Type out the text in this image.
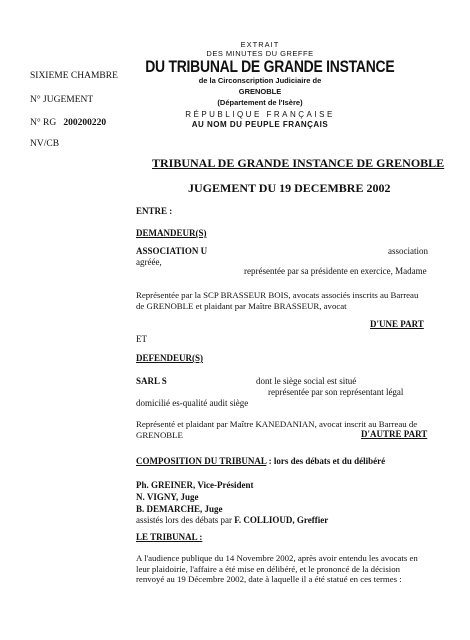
SIXIEME CHAMBRE
N° JUGEMENT
N° RG 200200220
NV/CB
EXTRAIT
DES MINUTES DU GREFFE
DU TRIBUNAL DE GRANDE INSTANCE
de la Circonscription Judiciaire de
GRENOBLE
(Département de l'Isère)
RÉPUBLIQUE FRANÇAISE
AU NOM DU PEUPLE FRANÇAIS
TRIBUNAL DE GRANDE INSTANCE DE GRENOBLE
JUGEMENT DU 19 DECEMBRE 2002
ENTRE :
DEMANDEUR(S)
ASSOCIATION U	association
agréée,
représentée par sa présidente en exercice, Madame
Représentée par la SCP BRASSEUR BOIS, avocats associés inscrits au Barreau
de GRENOBLE et plaidant par Maître BRASSEUR, avocat
D'UNE PART
ET
DEFENDEUR(S)
SARL S	dont le siège social est situé
représentée par son représentant légal
domicilié es-qualité audit siège
Représenté et plaidant par Maître KANEDANIAN, avocat inscrit au Barreau de
GRENOBLE	D'AUTRE PART
COMPOSITION DU TRIBUNAL : lors des débats et du délibéré
Ph. GREINER, Vice-Président
N. VIGNY, Juge
B. DEMARCHE, Juge
assistés lors des débats par F. COLLIOUD, Greffier
LE TRIBUNAL :
A l'audience publique du 14 Novembre 2002, après avoir entendu les avocats en
leur plaidoirie, l'affaire a été mise en délibéré, et le prononcé de la décision
renvoyé au 19 Décembre 2002, date à laquelle il a été statué en ces termes :
